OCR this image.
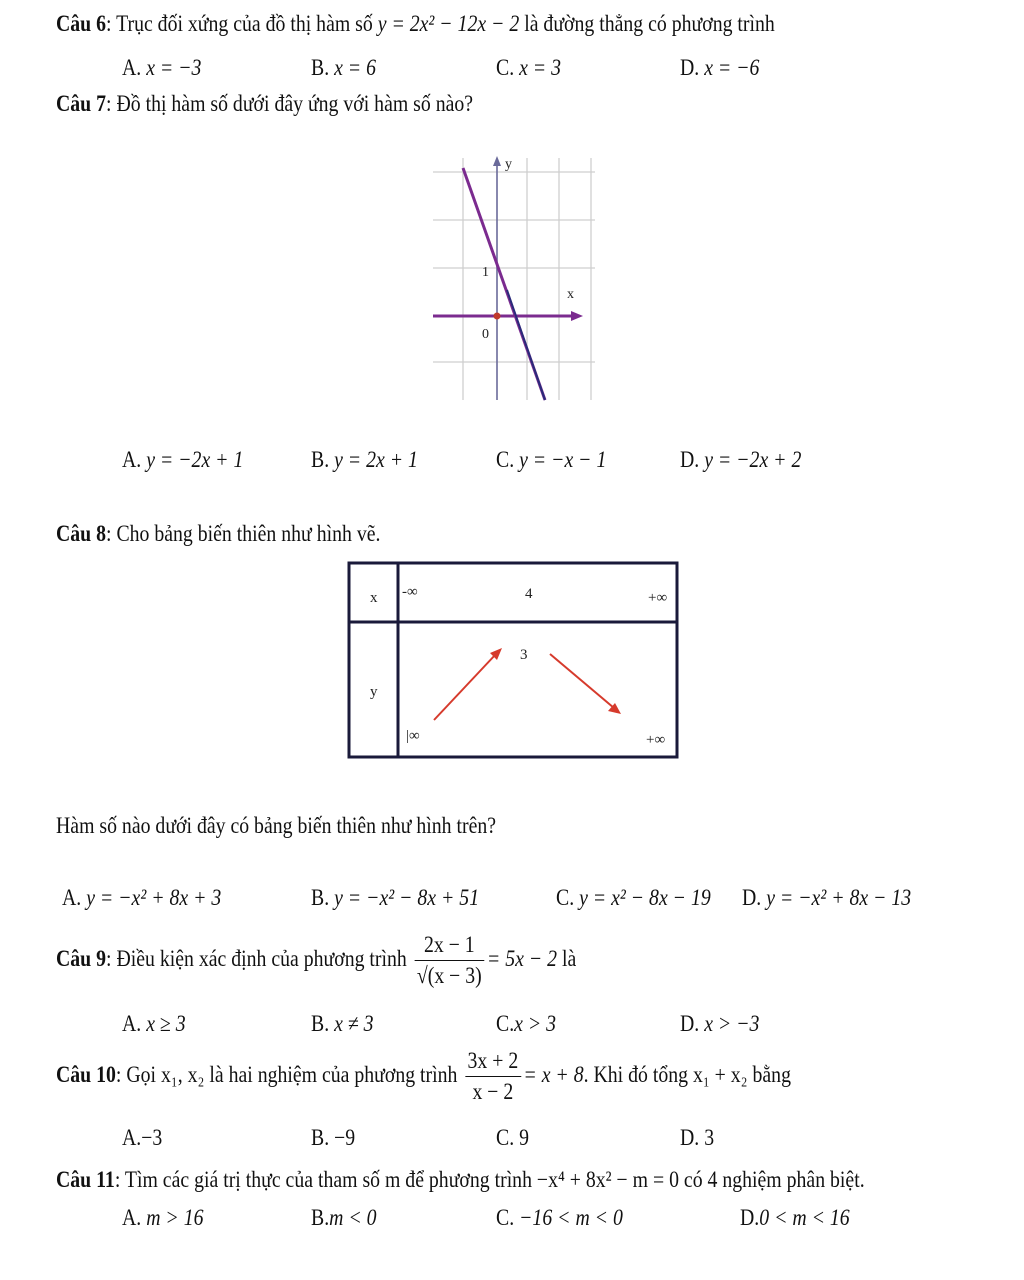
Câu 6: Trục đối xứng của đồ thị hàm số y = 2x² − 12x − 2 là đường thẳng có phương trình
A. x = −3	B. x = 6	C. x = 3	D. x = −6
Câu 7: Đồ thị hàm số dưới đây ứng với hàm số nào?
y
x
1
0
A. y = −2x + 1	B. y = 2x + 1	C. y = −x − 1	D. y = −2x + 2
Câu 8: Cho bảng biến thiên như hình vẽ.
x -∞	4	+∞
y
3
|∞	+∞
Hàm số nào dưới đây có bảng biến thiên như hình trên?
A. y = −x² + 8x + 3	B. y = −x² − 8x + 51	C. y = x² − 8x − 19	D. y = −x² + 8x − 13
Câu 9: Điều kiện xác định của phương trình $\frac{2x - 1}{√(x - 3)} = 5x - 2$ là
A. x ≥ 3	B. x ≠ 3	C.x > 3	D. x > −3
Câu 10: Gọi x₁, x₂ là hai nghiệm của phương trình $\frac{3x + 2}{x - 2} = x + 8$. Khi đó tổng x₁ + x₂ bằng
A.−3	B. −9	C. 9	D. 3
Câu 11: Tìm các giá trị thực của tham số m để phương trình −x⁴ + 8x² − m = 0 có 4 nghiệm phân biệt.
A. m > 16	B.m < 0	C. −16 < m < 0	D.0 < m < 16
